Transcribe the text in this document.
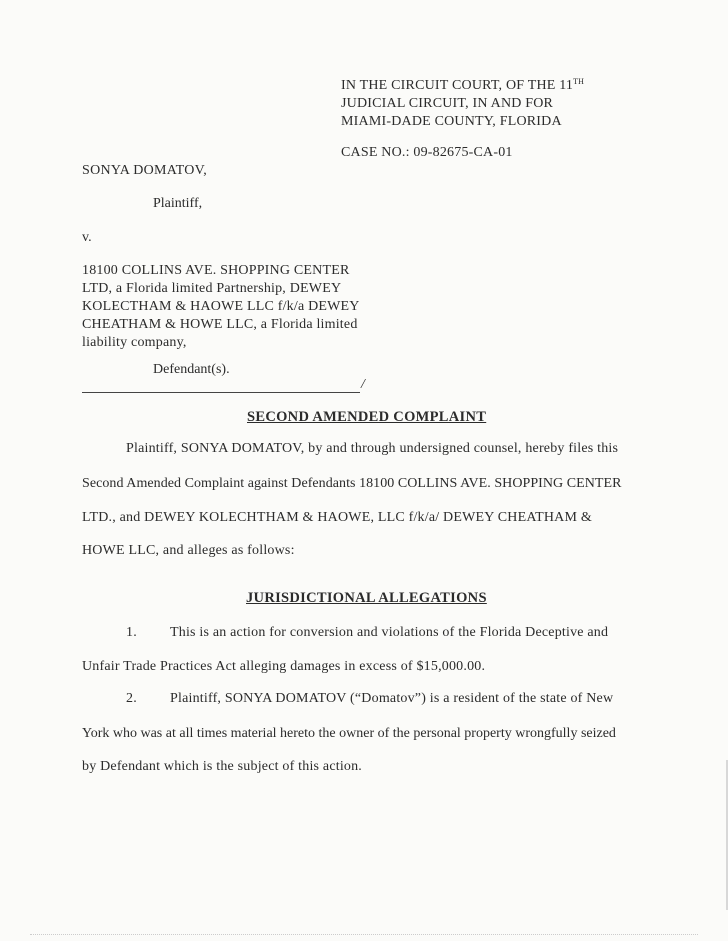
IN THE CIRCUIT COURT, OF THE 11TH
JUDICIAL CIRCUIT, IN AND FOR
MIAMI-DADE COUNTY, FLORIDA
CASE NO.: 09-82675-CA-01
SONYA DOMATOV,
Plaintiff,
v.
18100 COLLINS AVE. SHOPPING CENTER
LTD, a Florida limited Partnership, DEWEY
KOLECTHAM & HAOWE LLC f/k/a DEWEY
CHEATHAM & HOWE LLC, a Florida limited
liability company,
Defendant(s).
/
SECOND AMENDED COMPLAINT
Plaintiff, SONYA DOMATOV, by and through undersigned counsel, hereby files this
Second Amended Complaint against Defendants 18100 COLLINS AVE. SHOPPING CENTER
LTD., and DEWEY KOLECHTHAM & HAOWE, LLC f/k/a/ DEWEY CHEATHAM &
HOWE LLC, and alleges as follows:
JURISDICTIONAL ALLEGATIONS
1. This is an action for conversion and violations of the Florida Deceptive and
Unfair Trade Practices Act alleging damages in excess of $15,000.00.
2. Plaintiff, SONYA DOMATOV (“Domatov”) is a resident of the state of New
York who was at all times material hereto the owner of the personal property wrongfully seized
by Defendant which is the subject of this action.
